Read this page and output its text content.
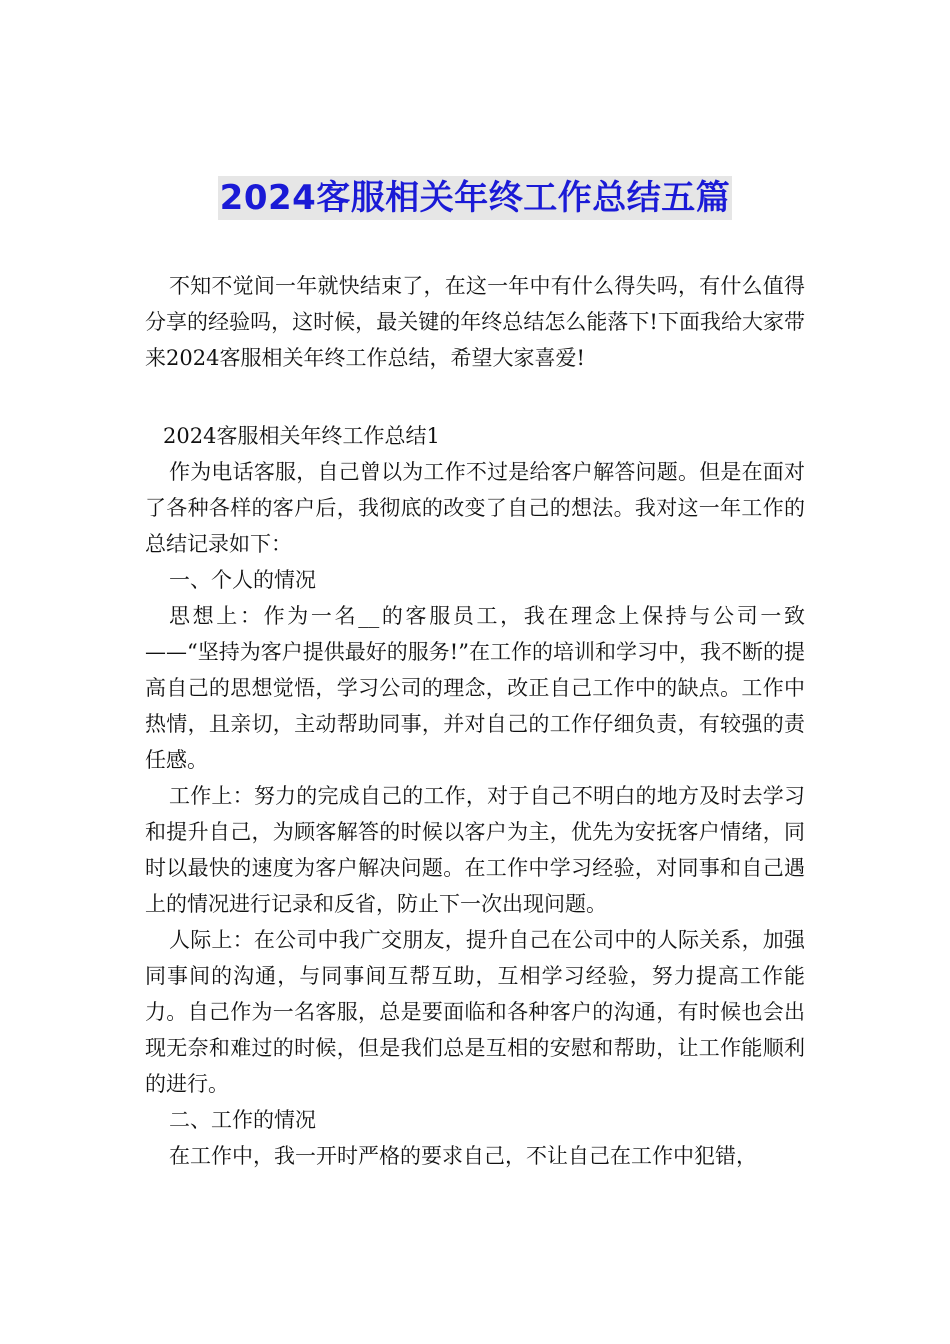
2024客服相关年终工作总结五篇
不知不觉间一年就快结束了，在这一年中有什么得失吗，有什么值得分享的经验吗，这时候，最关键的年终总结怎么能落下!下面我给大家带来2024客服相关年终工作总结，希望大家喜爱!

2024客服相关年终工作总结1

作为电话客服，自己曾以为工作不过是给客户解答问题。但是在面对了各种各样的客户后，我彻底的改变了自己的想法。我对这一年工作的总结记录如下：

一、个人的情况

思想上：作为一名__的客服员工，我在理念上保持与公司一致——“坚持为客户提供最好的服务!”在工作的培训和学习中，我不断的提高自己的思想觉悟，学习公司的理念，改正自己工作中的缺点。工作中热情，且亲切，主动帮助同事，并对自己的工作仔细负责，有较强的责任感。

工作上：努力的完成自己的工作，对于自己不明白的地方及时去学习和提升自己，为顾客解答的时候以客户为主，优先为安抚客户情绪，同时以最快的速度为客户解决问题。在工作中学习经验，对同事和自己遇上的情况进行记录和反省，防止下一次出现问题。

人际上：在公司中我广交朋友，提升自己在公司中的人际关系，加强同事间的沟通，与同事间互帮互助，互相学习经验，努力提高工作能力。自己作为一名客服，总是要面临和各种客户的沟通，有时候也会出现无奈和难过的时候，但是我们总是互相的安慰和帮助，让工作能顺利的进行。

二、工作的情况

在工作中，我一开时严格的要求自己，不让自己在工作中犯错，
